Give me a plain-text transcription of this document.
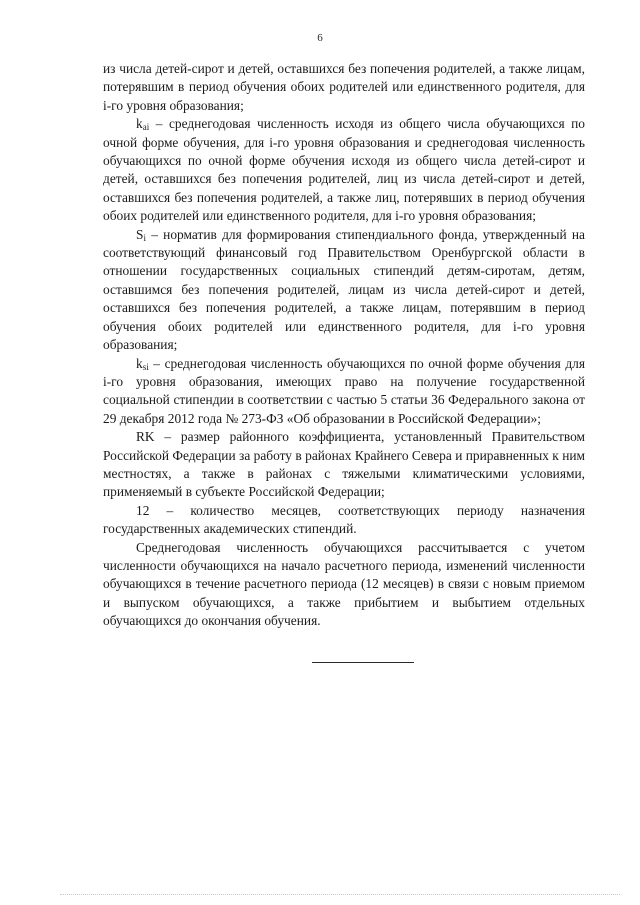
6

из числа детей-сирот и детей, оставшихся без попечения родителей, а также лицам, потерявшим в период обучения обоих родителей или единственного родителя, для i-го уровня образования;

$k_{ai}$ – среднегодовая численность исходя из общего числа обучающихся по очной форме обучения, для i-го уровня образования и среднегодовая численность обучающихся по очной форме обучения исходя из общего числа детей-сирот и детей, оставшихся без попечения родителей, лиц из числа детей-сирот и детей, оставшихся без попечения родителей, а также лиц, потерявших в период обучения обоих родителей или единственного родителя, для i-го уровня образования;

$S_i$ – норматив для формирования стипендиального фонда, утвержденный на соответствующий финансовый год Правительством Оренбургской области в отношении государственных социальных стипендий детям-сиротам, детям, оставшимся без попечения родителей, лицам из числа детей-сирот и детей, оставшихся без попечения родителей, а также лицам, потерявшим в период обучения обоих родителей или единственного родителя, для i-го уровня образования;

$k_{si}$ – среднегодовая численность обучающихся по очной форме обучения для i-го уровня образования, имеющих право на получение государственной социальной стипендии в соответствии с частью 5 статьи 36 Федерального закона от 29 декабря 2012 года № 273-ФЗ «Об образовании в Российской Федерации»;

RK – размер районного коэффициента, установленный Правительством Российской Федерации за работу в районах Крайнего Севера и приравненных к ним местностях, а также в районах с тяжелыми климатическими условиями, применяемый в субъекте Российской Федерации;

12 – количество месяцев, соответствующих периоду назначения государственных академических стипендий.

Среднегодовая численность обучающихся рассчитывается с учетом численности обучающихся на начало расчетного периода, изменений численности обучающихся в течение расчетного периода (12 месяцев) в связи с новым приемом и выпуском обучающихся, а также прибытием и выбытием отдельных обучающихся до окончания обучения.
